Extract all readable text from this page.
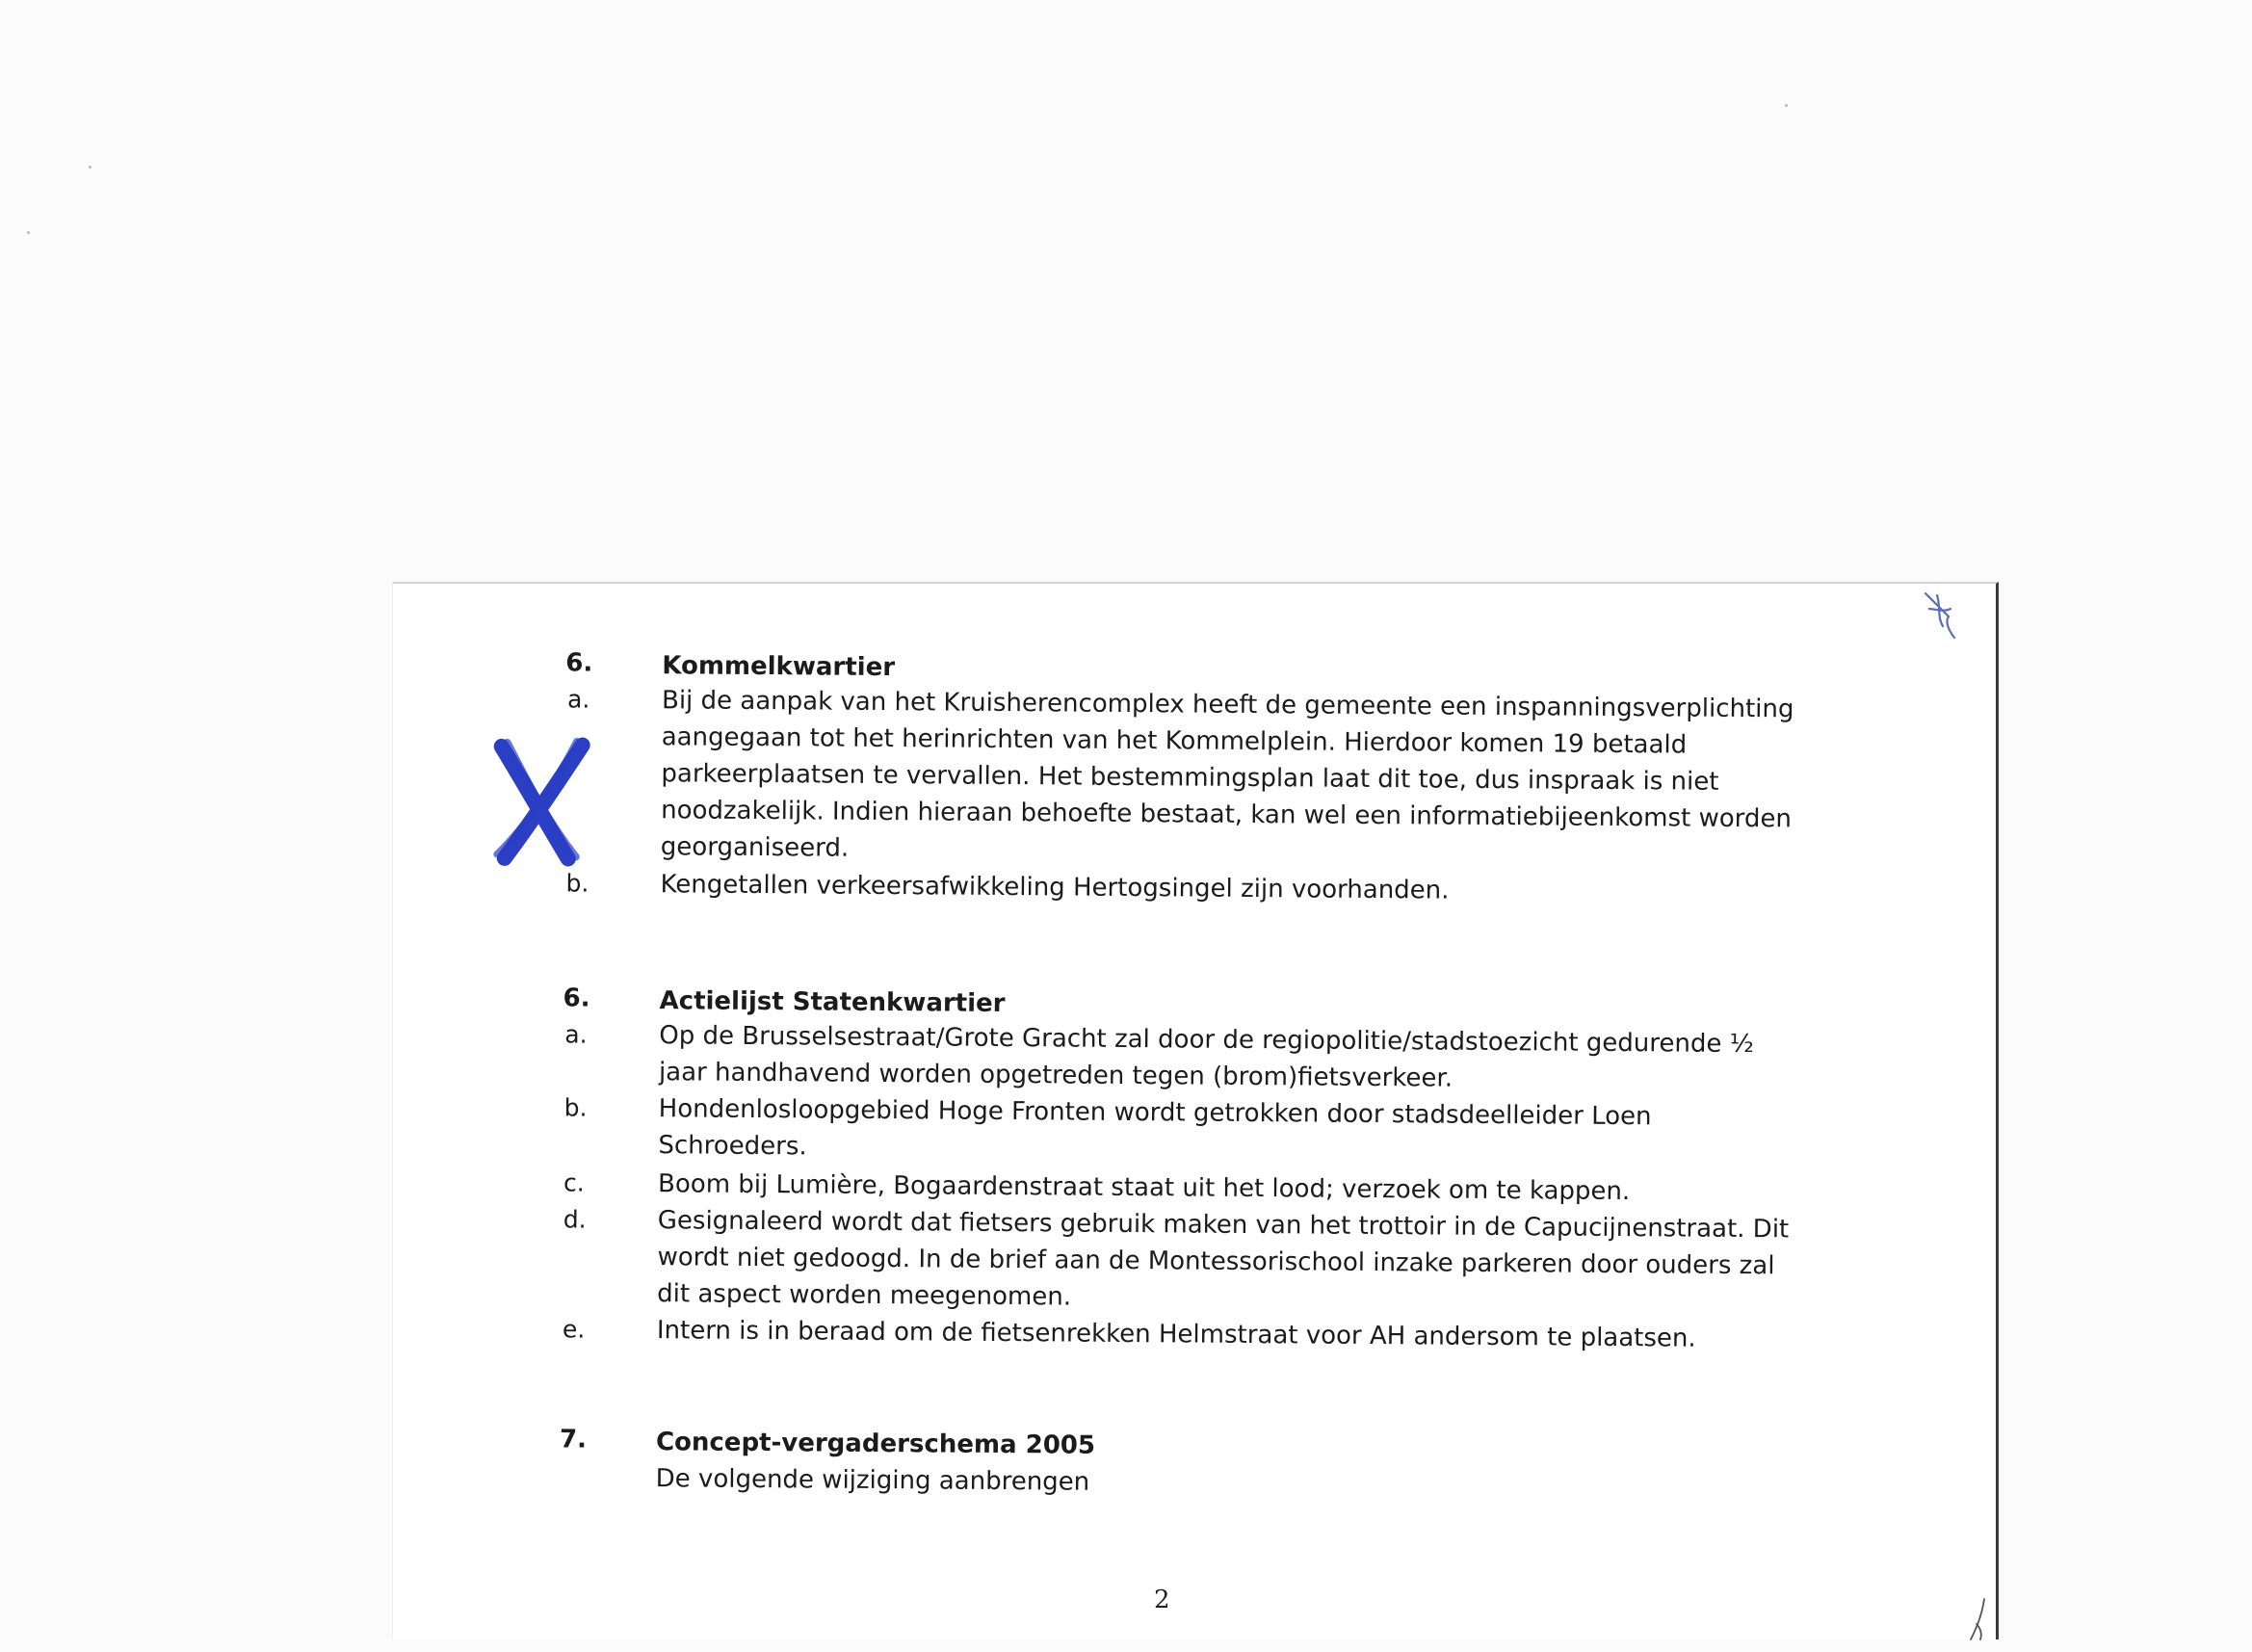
6.	Kommelkwartier
a.	Bij de aanpak van het Kruisherencomplex heeft de gemeente een inspanningsverplichting aangegaan tot het herinrichten van het Kommelplein. Hierdoor komen 19 betaald parkeerplaatsen te vervallen. Het bestemmingsplan laat dit toe, dus inspraak is niet noodzakelijk. Indien hieraan behoefte bestaat, kan wel een informatiebijeenkomst worden georganiseerd.
b.	Kengetallen verkeersafwikkeling Hertogsingel zijn voorhanden.
6.	Actielijst Statenkwartier
a.	Op de Brusselsestraat/Grote Gracht zal door de regiopolitie/stadstoezicht gedurende ½ jaar handhavend worden opgetreden tegen (brom)fietsverkeer.
b.	Hondenlosloopgebied Hoge Fronten wordt getrokken door stadsdeelleider Loen Schroeders.
c.	Boom bij Lumière, Bogaardenstraat staat uit het lood; verzoek om te kappen.
d.	Gesignaleerd wordt dat fietsers gebruik maken van het trottoir in de Capucijnenstraat. Dit wordt niet gedoogd. In de brief aan de Montessorischool inzake parkeren door ouders zal dit aspect worden meegenomen.
e.	Intern is in beraad om de fietsenrekken Helmstraat voor AH andersom te plaatsen.
7.	Concept-vergaderschema 2005
De volgende wijziging aanbrengen
2
